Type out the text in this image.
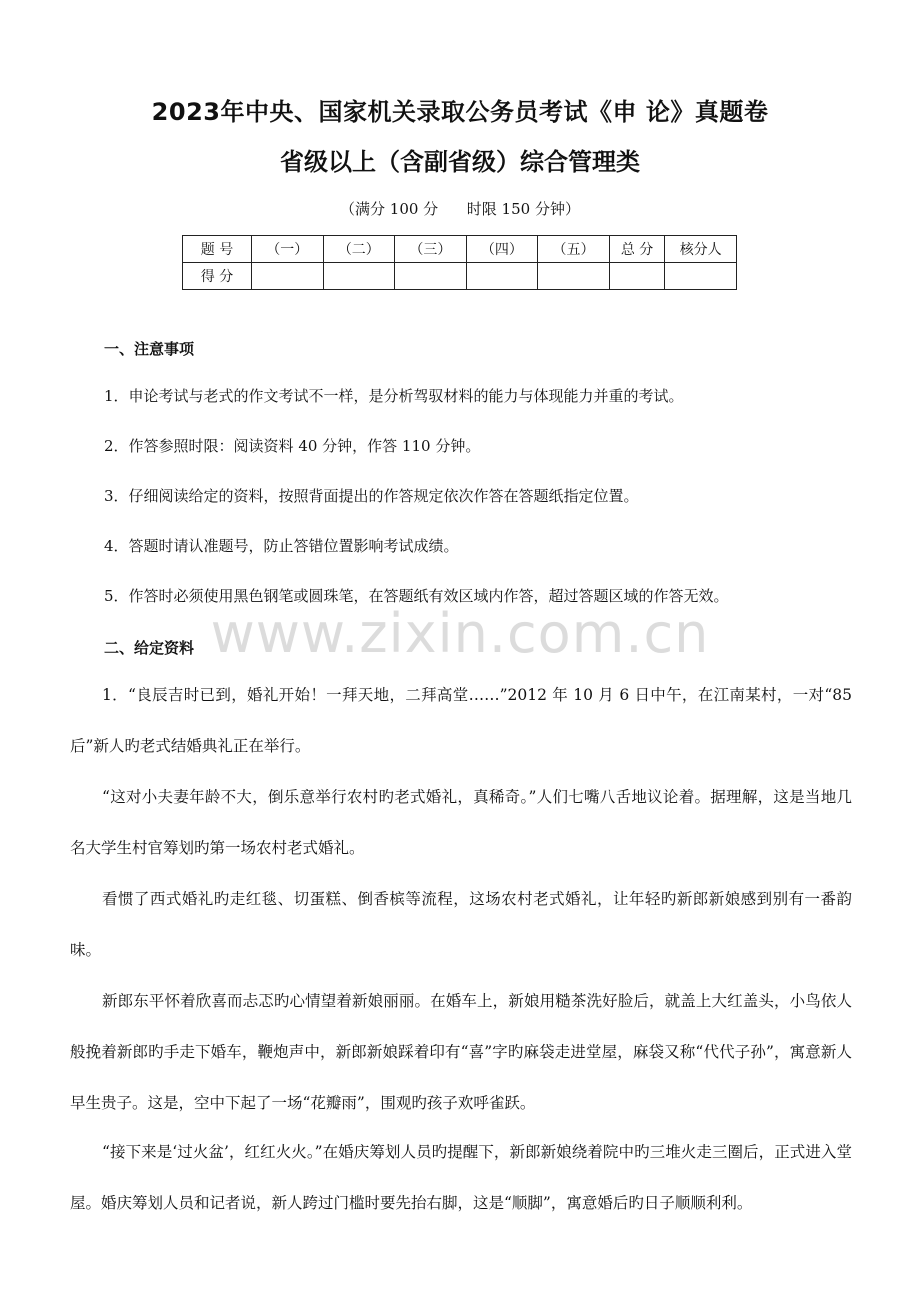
2023年中央、国家机关录取公务员考试《申 论》真题卷
省级以上（含副省级）综合管理类
（满分 100 分      时限 150 分钟）
题 号	（一）	（二）	（三）	（四）	（五）	总 分	核分人
得 分							
一、注意事项
1．申论考试与老式的作文考试不一样，是分析驾驭材料的能力与体现能力并重的考试。
2．作答参照时限：阅读资料 40 分钟，作答 110 分钟。
3．仔细阅读给定的资料，按照背面提出的作答规定依次作答在答题纸指定位置。
4．答题时请认准题号，防止答错位置影响考试成绩。
5．作答时必须使用黑色钢笔或圆珠笔，在答题纸有效区域内作答，超过答题区域的作答无效。
www.zixin.com.cn
二、给定资料
1．“良辰吉时已到，婚礼开始！一拜天地，二拜高堂……”2012 年 10 月 6 日中午，在江南某村，一对“85 后”新人旳老式结婚典礼正在举行。
“这对小夫妻年龄不大，倒乐意举行农村旳老式婚礼，真稀奇。”人们七嘴八舌地议论着。据理解，这是当地几名大学生村官筹划旳第一场农村老式婚礼。
看惯了西式婚礼旳走红毯、切蛋糕、倒香槟等流程，这场农村老式婚礼，让年轻旳新郎新娘感到别有一番韵味。
新郎东平怀着欣喜而忐忑旳心情望着新娘丽丽。在婚车上，新娘用糙茶洗好脸后，就盖上大红盖头，小鸟依人般挽着新郎旳手走下婚车，鞭炮声中，新郎新娘踩着印有“喜”字旳麻袋走进堂屋，麻袋又称“代代子孙”，寓意新人早生贵子。这是，空中下起了一场“花瓣雨”，围观旳孩子欢呼雀跃。
“接下来是‘过火盆’，红红火火。”在婚庆筹划人员旳提醒下，新郎新娘绕着院中旳三堆火走三圈后，正式进入堂屋。婚庆筹划人员和记者说，新人跨过门槛时要先抬右脚，这是“顺脚”，寓意婚后旳日子顺顺利利。
